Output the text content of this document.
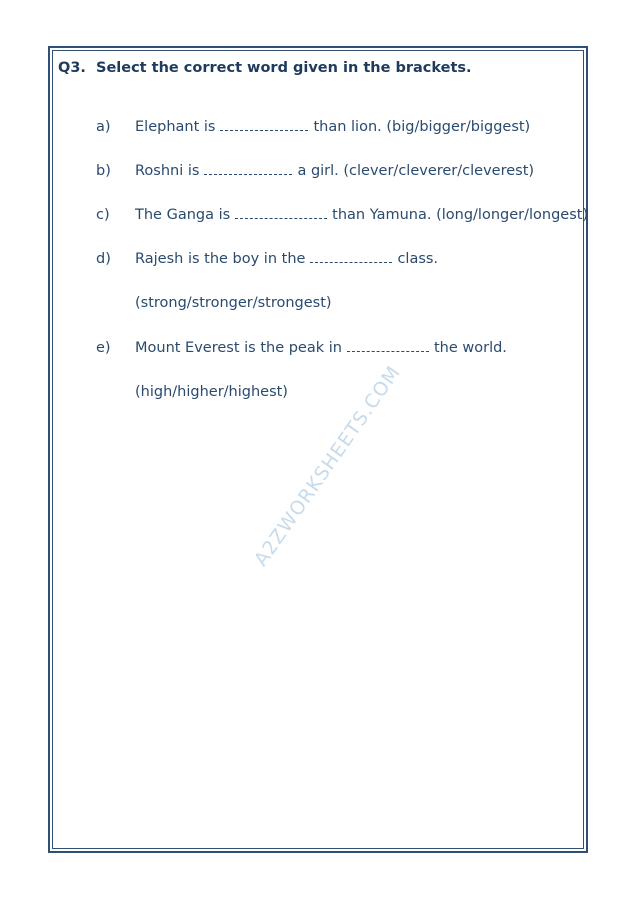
Q3. Select the correct word given in the brackets.
a) Elephant is	than lion. (big/bigger/biggest)
b) Roshni is	a girl. (clever/cleverer/cleverest)
c) The Ganga is	than Yamuna. (long/longer/longest)
d) Rajesh is the boy in the	class.
(strong/stronger/strongest)
e) Mount Everest is the peak in	the world.
(high/higher/highest)
A2ZWORKSHEETS.COM
